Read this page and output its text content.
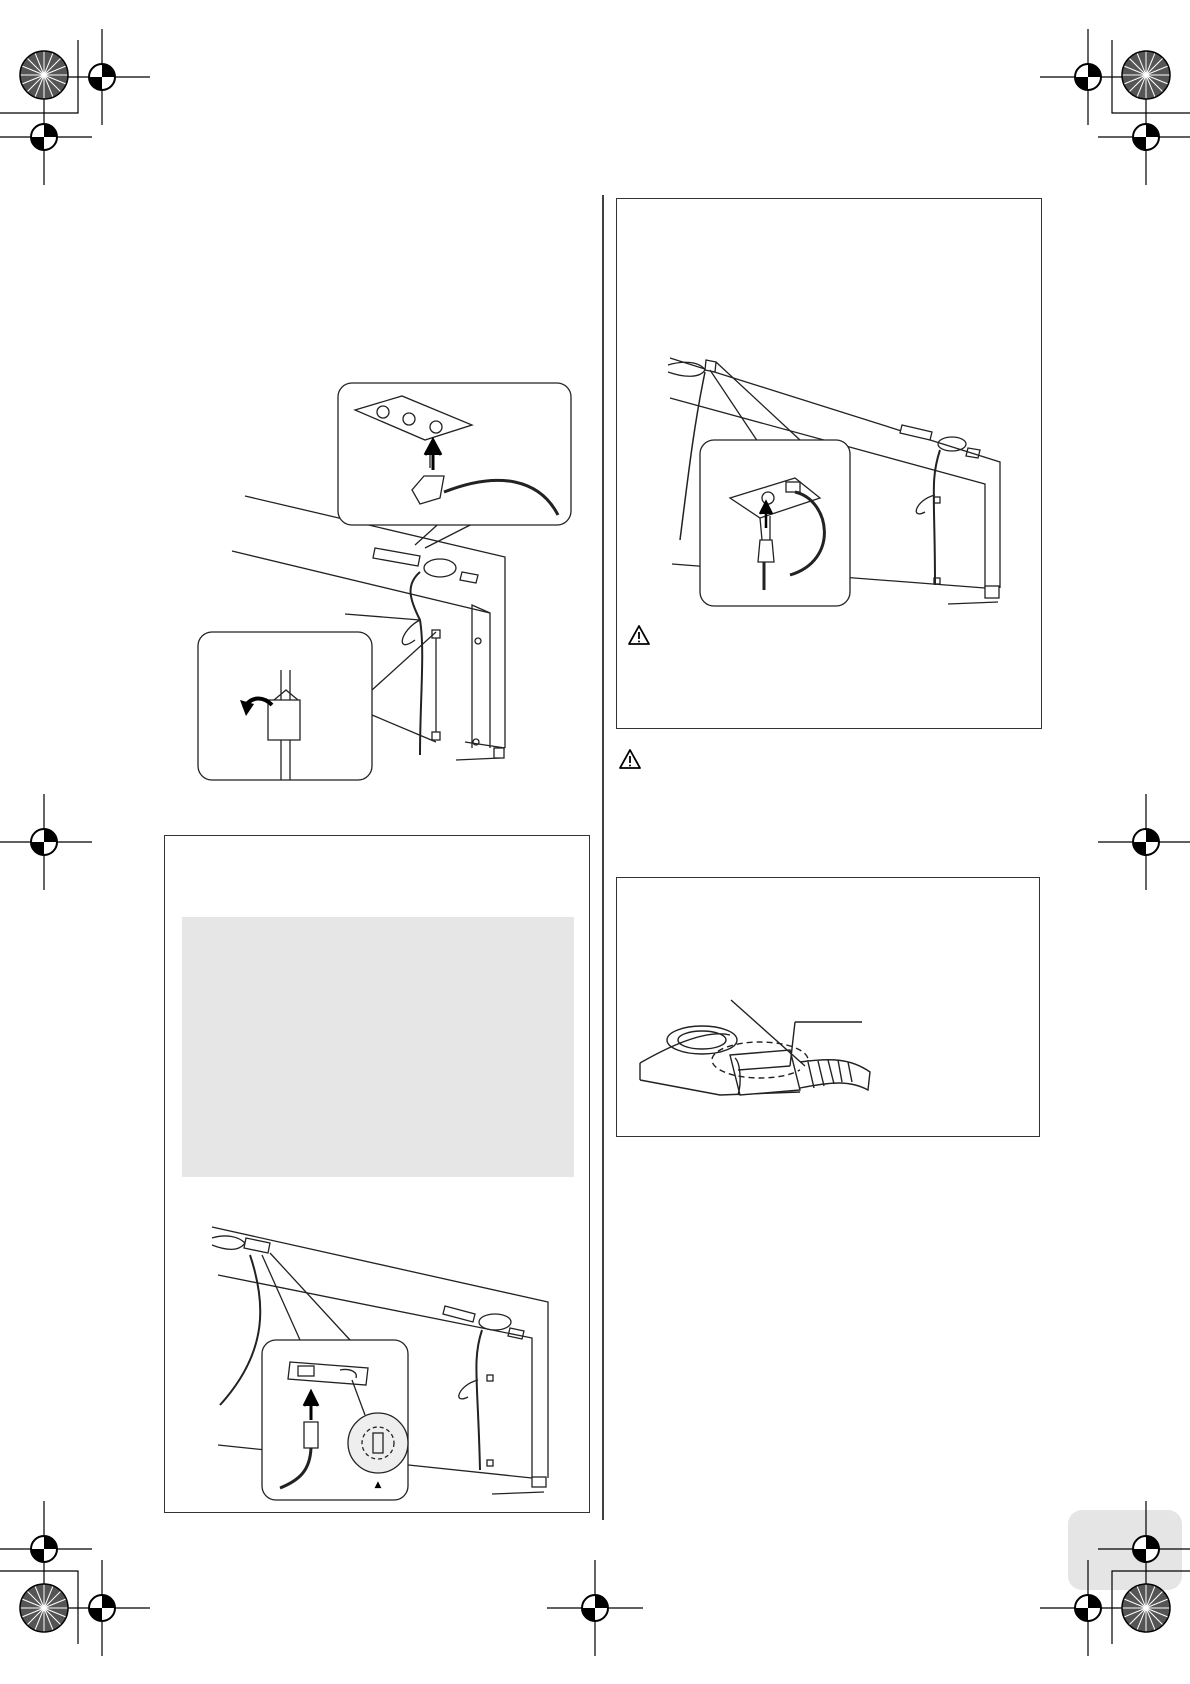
▲
